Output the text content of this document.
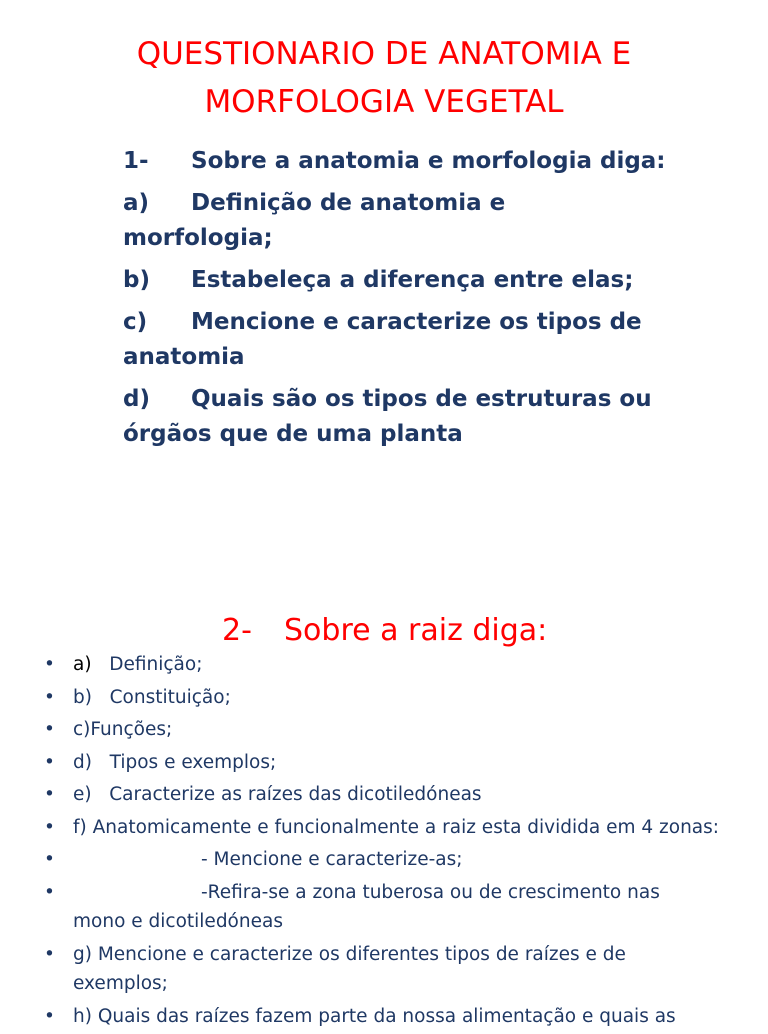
QUESTIONARIO DE ANATOMIA E
MORFOLOGIA VEGETAL
1- Sobre a anatomia e morfologia diga:
a) Definição de anatomia e
morfologia;
b) Estabeleça a diferença entre elas;
c) Mencione e caracterize os tipos de
anatomia
d) Quais são os tipos de estruturas ou
órgãos que de uma planta
2- Sobre a raiz diga:
• a) Definição;
• b) Constituição;
• c)Funções;
• d) Tipos e exemplos;
• e) Caracterize as raízes das dicotiledóneas
• f) Anatomicamente e funcionalmente a raiz esta dividida em 4 zonas:
•	- Mencione e caracterize-as;
•	-Refira-se a zona tuberosa ou de crescimento nas
mono e dicotiledóneas
• g) Mencione e caracterize os diferentes tipos de raízes e de
exemplos;
• h) Quais das raízes fazem parte da nossa alimentação e quais as
